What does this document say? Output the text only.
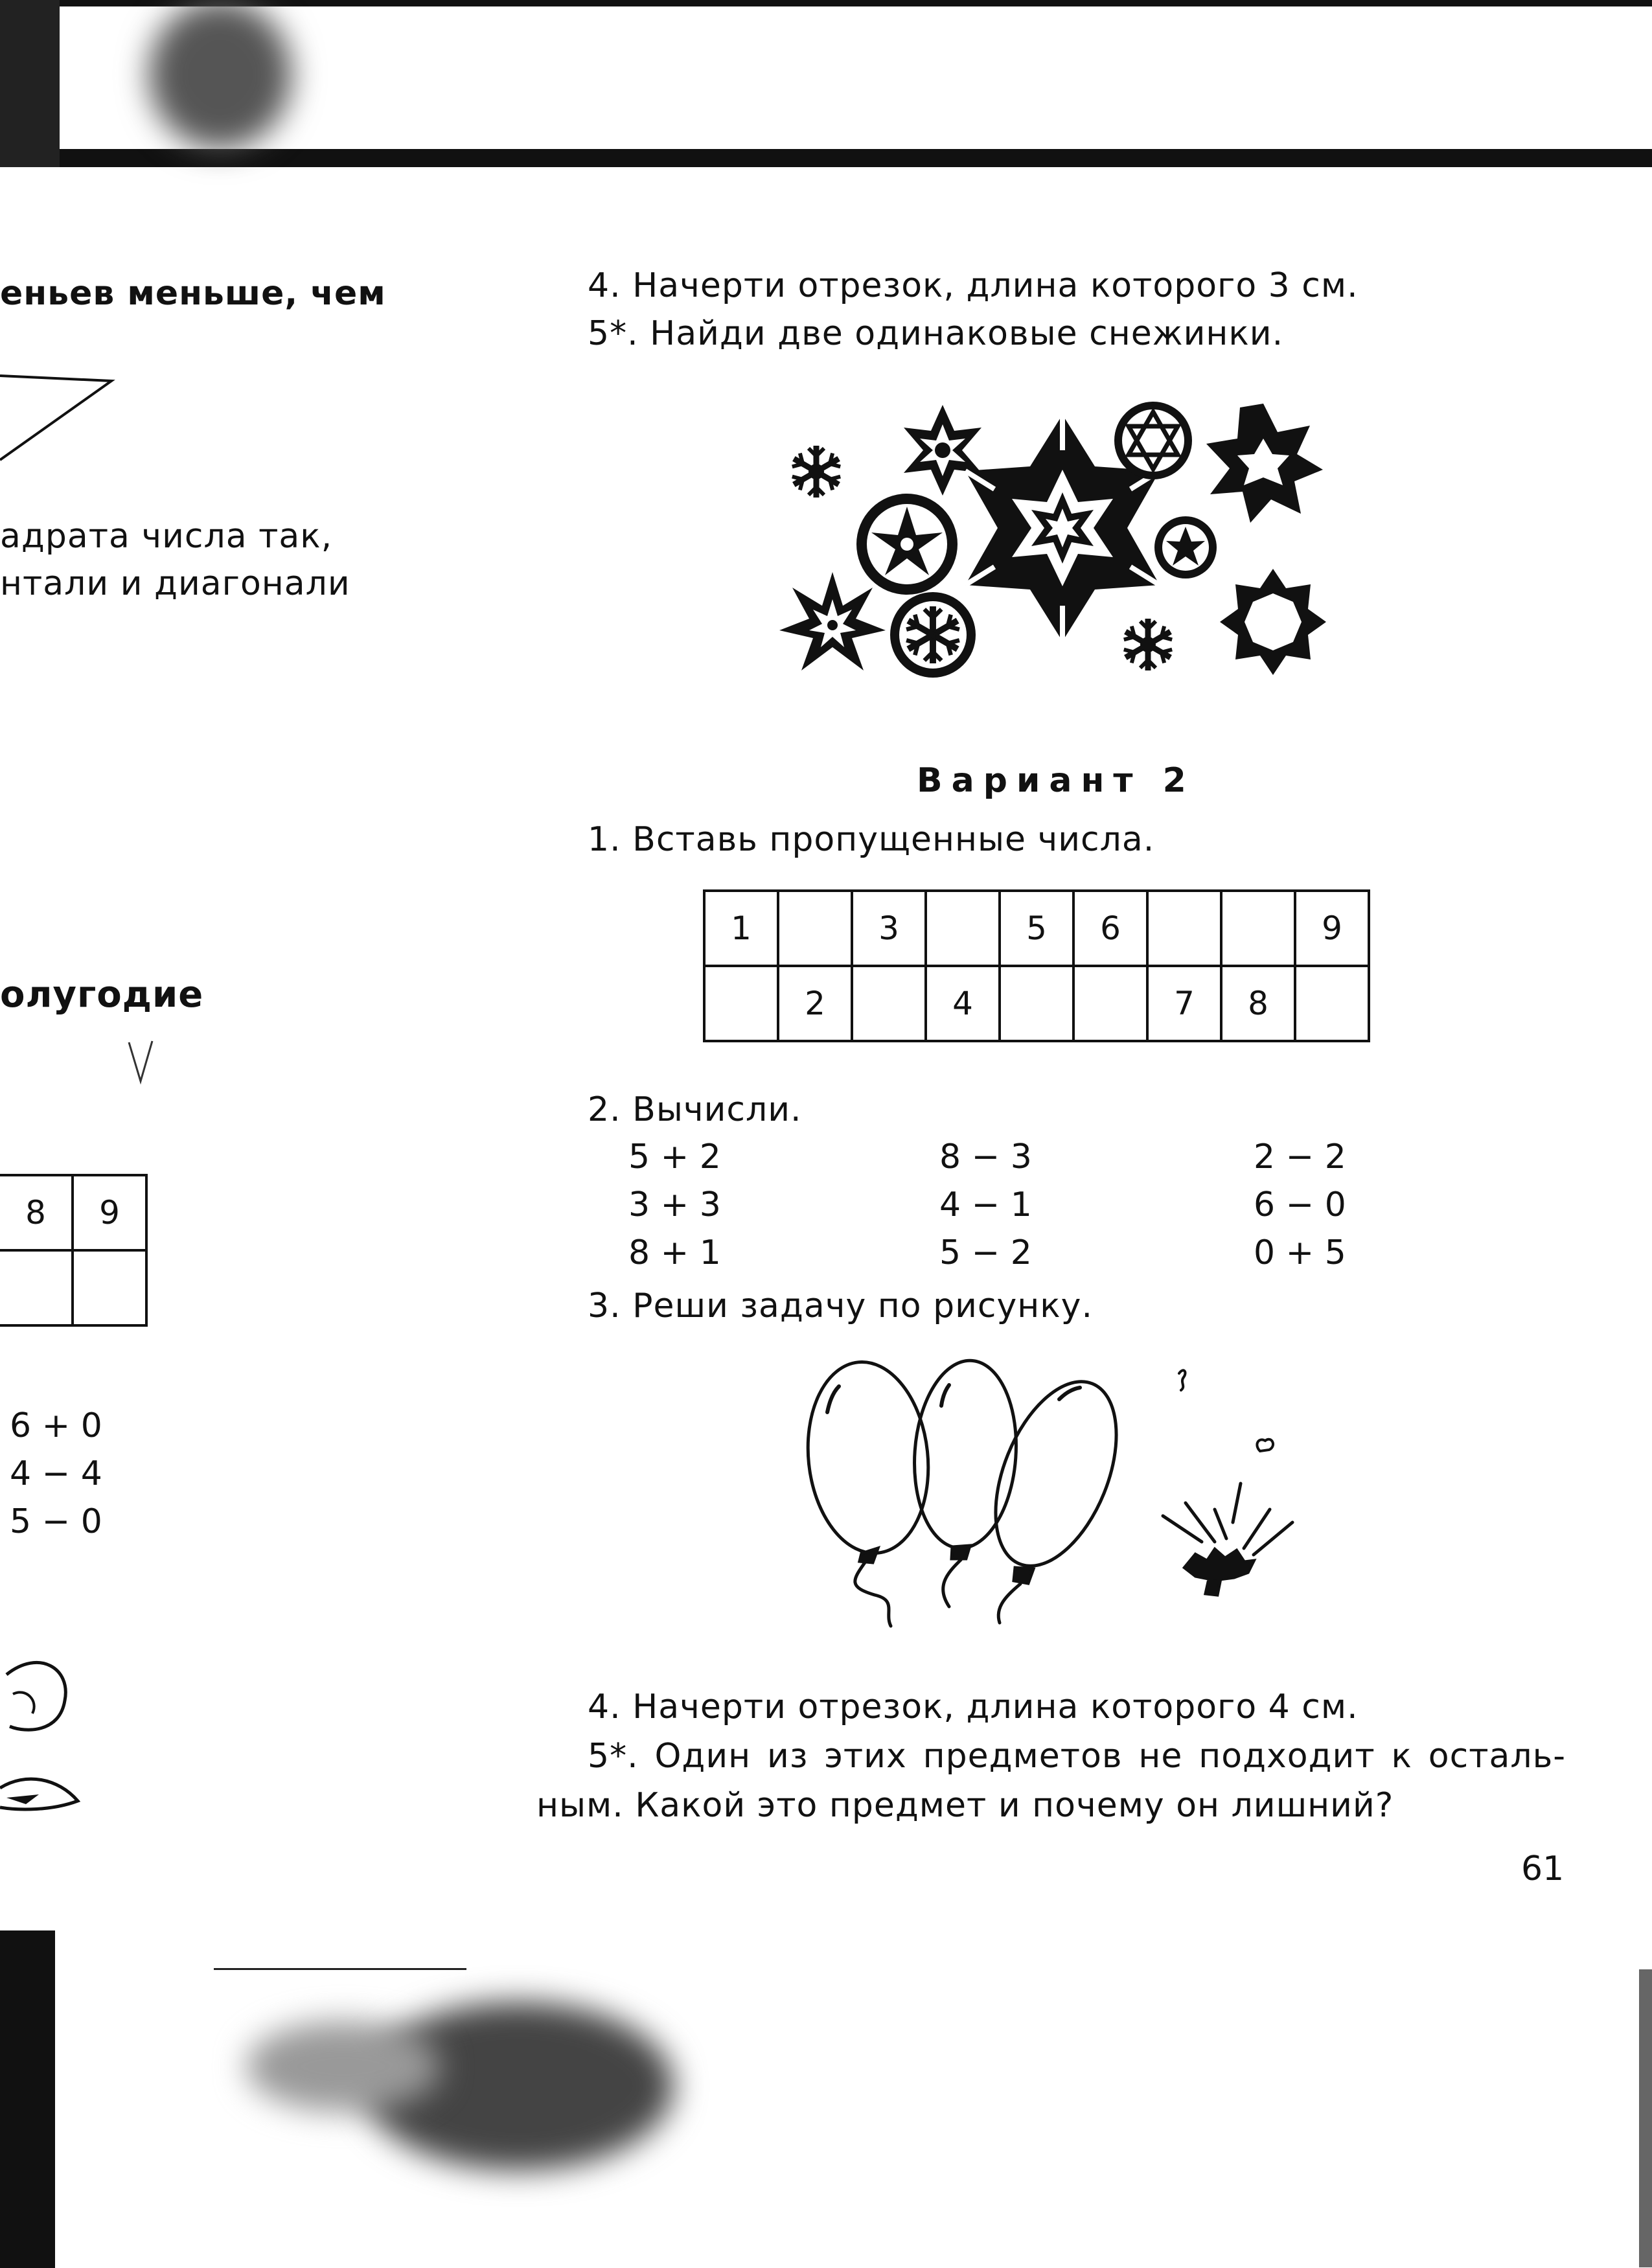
еньев меньше, чем
адрата числа так,
нтали и диагонали
олугодие
8	9

6 + 0
4 − 4
5 − 0
4. Начерти отрезок, длина которого 3 см.
5*. Найди две одинаковые снежинки.
Вариант 2
1. Вставь пропущенные числа.
1		3		5	6			9
	2		4			7	8	
2. Вычисли.
5 + 2	8 − 3	2 − 2
3 + 3	4 − 1	6 − 0
8 + 1	5 − 2	0 + 5
3. Реши задачу по рисунку.
4. Начерти отрезок, длина которого 4 см.
5*. Один из этих предметов не подходит к осталь-
ным. Какой это предмет и почему он лишний?
61
